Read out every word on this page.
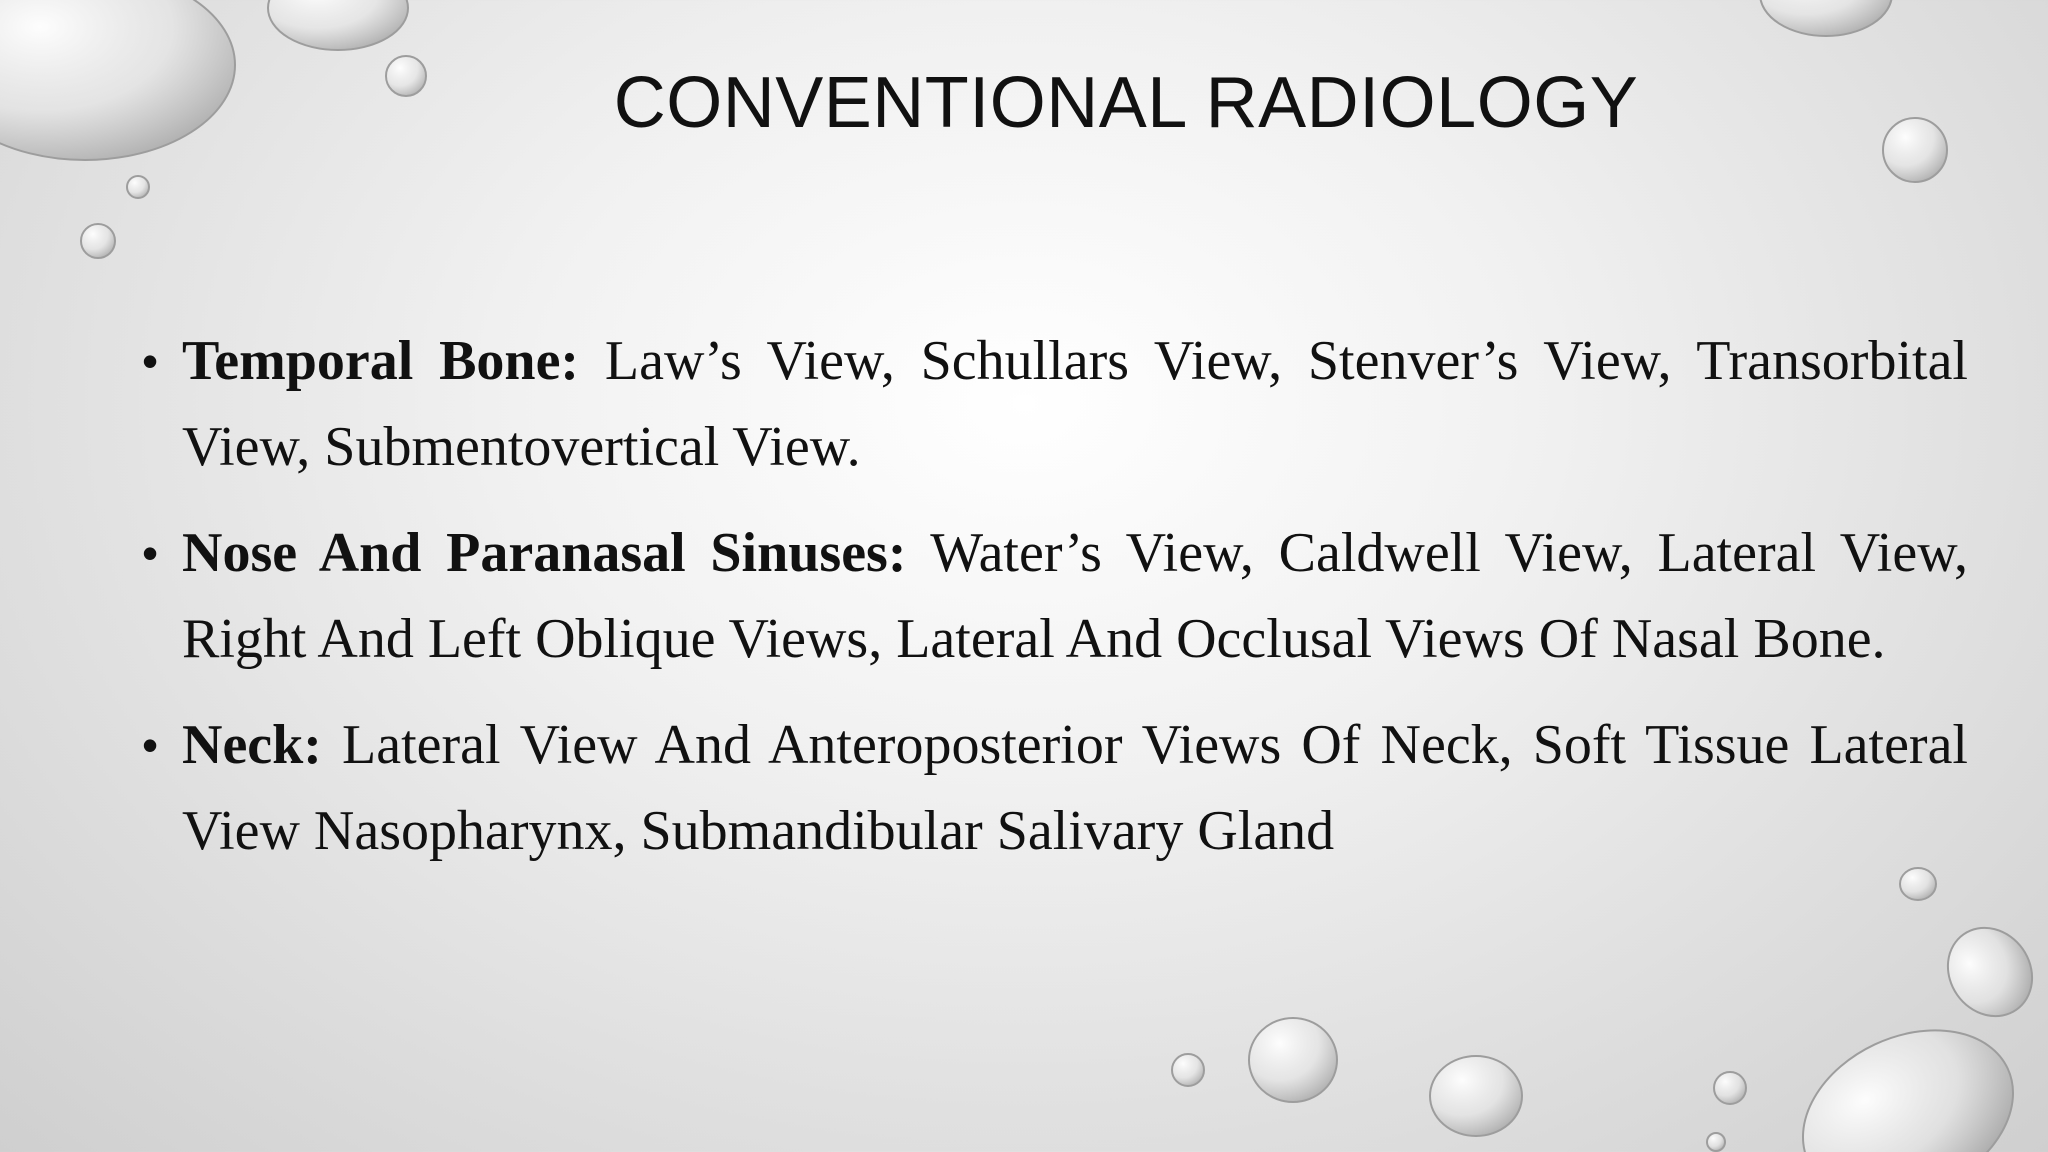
CONVENTIONAL RADIOLOGY
• Temporal Bone: Law’s View, Schullars View, Stenver’s View, Transorbital View, Submentovertical View.
• Nose And Paranasal Sinuses: Water’s View, Caldwell View, Lateral View, Right And Left Oblique Views, Lateral And Occlusal Views Of Nasal Bone.
• Neck: Lateral View And Anteroposterior Views Of Neck, Soft Tissue Lateral View Nasopharynx, Submandibular Salivary Gland
